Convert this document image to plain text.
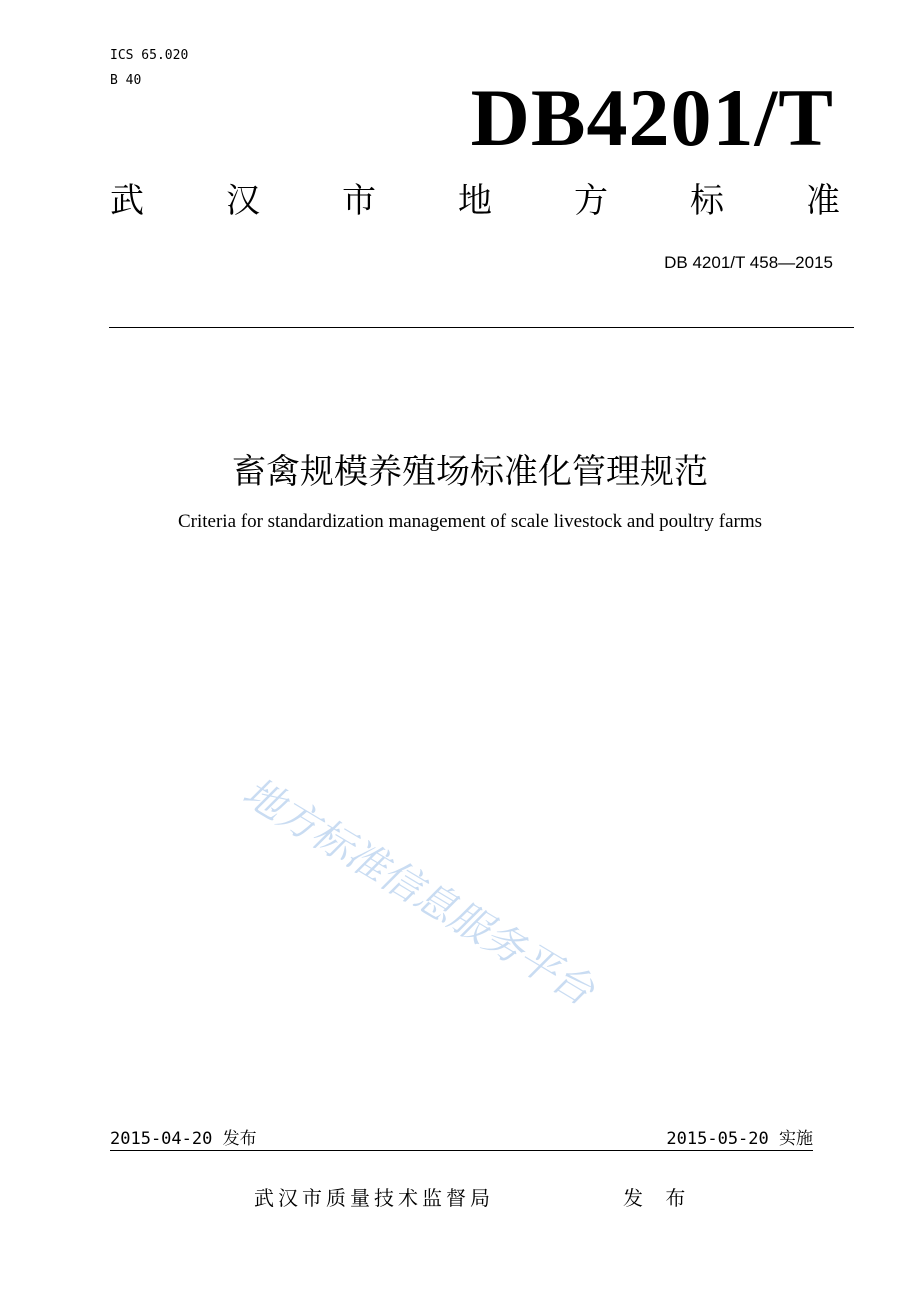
ICS 65.020
B 40	DB4201/T
武 汉 市 地 方 标 准
DB 4201/T 458—2015
畜禽规模养殖场标准化管理规范
Criteria for standardization management of scale livestock and poultry farms
地方标准信息服务平台
2015-04-20 发布	2015-05-20 实施
武汉市质量技术监督局	发 布
